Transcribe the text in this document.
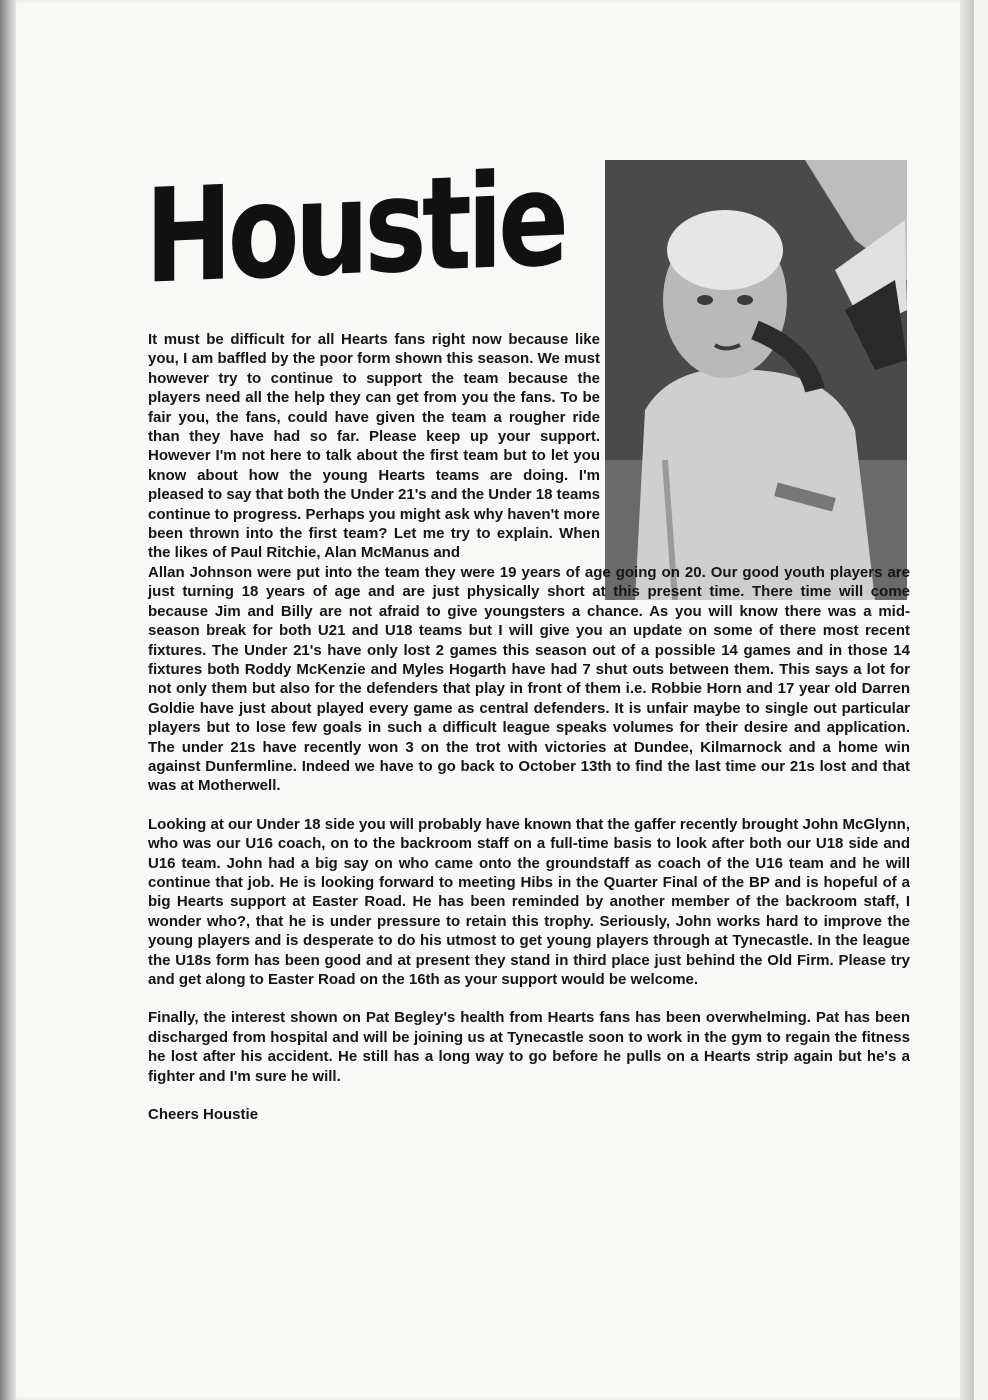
Houstie

It must be difficult for all Hearts fans right now because like you, I am baffled by the poor form shown this season. We must however try to continue to support the team because the players need all the help they can get from you the fans. To be fair you, the fans, could have given the team a rougher ride than they have had so far. Please keep up your support. However I'm not here to talk about the first team but to let you know about how the young Hearts teams are doing. I'm pleased to say that both the Under 21's and the Under 18 teams continue to progress. Perhaps you might ask why haven't more been thrown into the first team? Let me try to explain. When the likes of Paul Ritchie, Alan McManus and

Allan Johnson were put into the team they were 19 years of age going on 20. Our good youth players are just turning 18 years of age and are just physically short at this present time. There time will come because Jim and Billy are not afraid to give youngsters a chance. As you will know there was a mid-season break for both U21 and U18 teams but I will give you an update on some of there most recent fixtures. The Under 21's have only lost 2 games this season out of a possible 14 games and in those 14 fixtures both Roddy McKenzie and Myles Hogarth have had 7 shut outs between them. This says a lot for not only them but also for the defenders that play in front of them i.e. Robbie Horn and 17 year old Darren Goldie have just about played every game as central defenders. It is unfair maybe to single out particular players but to lose few goals in such a difficult league speaks volumes for their desire and application. The under 21s have recently won 3 on the trot with victories at Dundee, Kilmarnock and a home win against Dunfermline. Indeed we have to go back to October 13th to find the last time our 21s lost and that was at Motherwell.

Looking at our Under 18 side you will probably have known that the gaffer recently brought John McGlynn, who was our U16 coach, on to the backroom staff on a full-time basis to look after both our U18 side and U16 team. John had a big say on who came onto the groundstaff as coach of the U16 team and he will continue that job. He is looking forward to meeting Hibs in the Quarter Final of the BP and is hopeful of a big Hearts support at Easter Road. He has been reminded by another member of the backroom staff, I wonder who?, that he is under pressure to retain this trophy. Seriously, John works hard to improve the young players and is desperate to do his utmost to get young players through at Tynecastle. In the league the U18s form has been good and at present they stand in third place just behind the Old Firm. Please try and get along to Easter Road on the 16th as your support would be welcome.

Finally, the interest shown on Pat Begley's health from Hearts fans has been overwhelming. Pat has been discharged from hospital and will be joining us at Tynecastle soon to work in the gym to regain the fitness he lost after his accident. He still has a long way to go before he pulls on a Hearts strip again but he's a fighter and I'm sure he will.

Cheers Houstie
